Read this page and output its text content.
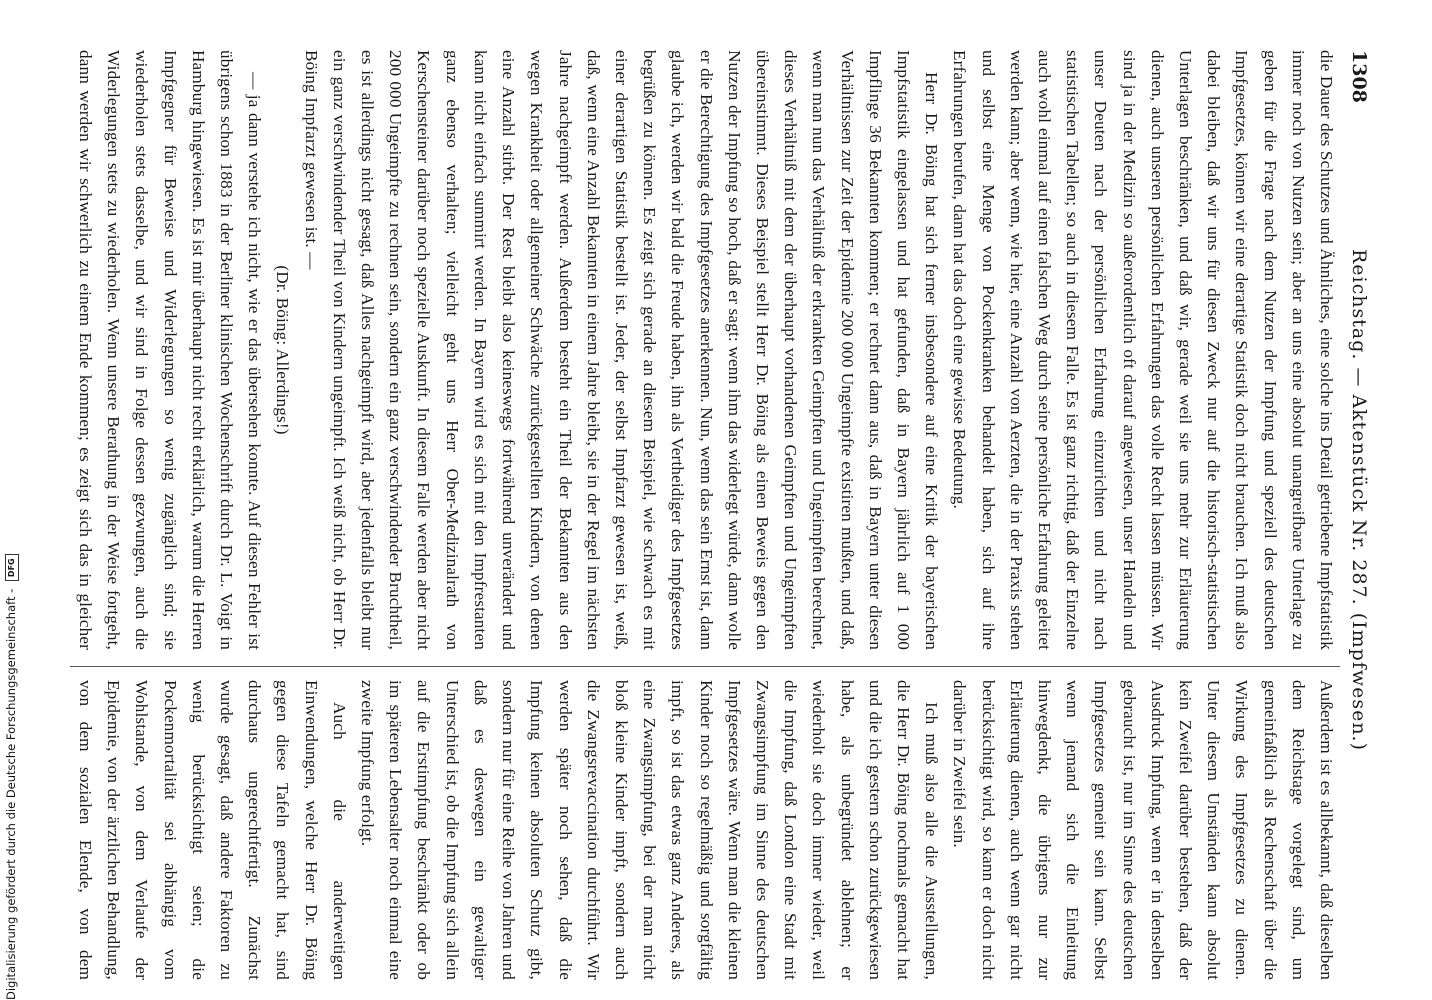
1308
Reichstag. — Aktenstück Nr. 287. (Impfwesen.)

die Dauer des Schutzes und Ähnliches, eine solche ins Detail getriebene Impfstatistik immer noch von Nutzen sein; aber an uns eine absolut unangreifbare Unterlage zu geben für die Frage nach dem Nutzen der Impfung und speziell des deutschen Impfgesetzes, können wir eine derartige Statistik doch nicht brauchen. Ich muß also dabei bleiben, daß wir uns für diesen Zweck nur auf die historisch-statistischen Unterlagen beschränken, und daß wir, gerade weil sie uns mehr zur Erläuterung dienen, auch unseren persönlichen Erfahrungen das volle Recht lassen müssen. Wir sind ja in der Medizin so außerordentlich oft darauf angewiesen, unser Handeln und unser Deuten nach der persönlichen Erfahrung einzurichten und nicht nach statistischen Tabellen; so auch in diesem Falle. Es ist ganz richtig, daß der Einzelne auch wohl einmal auf einen falschen Weg durch seine persönliche Erfahrung geleitet werden kann; aber wenn, wie hier, eine Anzahl von Aerzten, die in der Praxis stehen und selbst eine Menge von Pockenkranken behandelt haben, sich auf ihre Erfahrungen berufen, dann hat das doch eine gewisse Bedeutung.

Herr Dr. Böing hat sich ferner insbesondere auf eine Kritik der bayerischen Impfstatistik eingelassen und hat gefunden, daß in Bayern jährlich auf 1 000 Impflinge 36 Bekannten kommen; er rechnet dann aus, daß in Bayern unter diesen Verhältnissen zur Zeit der Epidemie 200 000 Ungeimpfte existiren mußten, und daß, wenn man nun das Verhältniß der erkrankten Geimpften und Ungeimpften berechnet, dieses Verhältniß mit dem der überhaupt vorhandenen Geimpften und Ungeimpften übereinstimmt. Dieses Beispiel stellt Herr Dr. Böing als einen Beweis gegen den Nutzen der Impfung so hoch, daß er sagt: wenn ihm das widerlegt würde, dann wolle er die Berechtigung des Impfgesetzes anerkennen. Nun, wenn das sein Ernst ist, dann glaube ich, werden wir bald die Freude haben, ihn als Vertheidiger des Impfgesetzes begrüßen zu können. Es zeigt sich gerade an diesem Beispiel, wie schwach es mit einer derartigen Statistik bestellt ist. Jeder, der selbst Impfarzt gewesen ist, weiß, daß, wenn eine Anzahl Bekannten in einem Jahre bleibt, sie in der Regel im nächsten Jahre nachgeimpft werden. Außerdem besteht ein Theil der Bekannten aus den wegen Krankheit oder allgemeiner Schwäche zurückgestellten Kindern, von denen eine Anzahl stirbt. Der Rest bleibt also keineswegs fortwährend unverändert und kann nicht einfach summirt werden. In Bayern wird es sich mit den Impfrestanten ganz ebenso verhalten; vielleicht geht uns Herr Ober-Medizinalrath von Kerschensteiner darüber noch spezielle Auskunft. In diesem Falle werden aber nicht 200 000 Ungeimpfte zu rechnen sein, sondern ein ganz verschwindender Bruchtheil, es ist allerdings nicht gesagt, daß Alles nachgeimpft wird, aber jedenfalls bleibt nur ein ganz verschwindender Theil von Kindern ungeimpft. Ich weiß nicht, ob Herr Dr. Böing Impfarzt gewesen ist. —

(Dr. Böing: Allerdings!)

— ja dann verstehe ich nicht, wie er das übersehen konnte. Auf diesen Fehler ist übrigens schon 1883 in der Berliner klinischen Wochenschrift durch Dr. L. Voigt in Hamburg hingewiesen. Es ist mir überhaupt nicht recht erklärlich, warum die Herren Impfgegner für Beweise und Widerlegungen so wenig zugänglich sind; sie wiederholen stets dasselbe, und wir sind in Folge dessen gezwungen, auch die Widerlegungen stets zu wiederholen. Wenn unsere Berathung in der Weise fortgeht, dann werden wir schwerlich zu einem Ende kommen; es zeigt sich das in gleicher

Außerdem ist es allbekannt, daß dieselben dem Reichstage vorgelegt sind, um gemeinfaßlich als Rechenschaft über die Wirkung des Impfgesetzes zu dienen. Unter diesem Umständen kann absolut kein Zweifel darüber bestehen, daß der Ausdruck Impfung, wenn er in denselben gebraucht ist, nur im Sinne des deutschen Impfgesetzes gemeint sein kann. Selbst wenn jemand sich die Einleitung hinwegdenkt, die übrigens nur zur Erläuterung dienen, auch wenn gar nicht berücksichtigt wird, so kann er doch nicht darüber in Zweifel sein.

Ich muß also alle die Ausstellungen, die Herr Dr. Böing nochmals gemacht hat und die ich gestern schon zurückgewiesen habe, als unbegründet ablehnen; er wiederholt sie doch immer wieder, weil die Impfung, daß London eine Stadt mit Zwangsimpfung im Sinne des deutschen Impfgesetzes wäre. Wenn man die kleinen Kinder noch so regelmäßig und sorgfältig impft, so ist das etwas ganz Anderes, als eine Zwangsimpfung, bei der man nicht bloß kleine Kinder impft, sondern auch die Zwangsrevaccination durchführt. Wir werden später noch sehen, daß die Impfung keinen absoluten Schutz gibt, sondern nur für eine Reihe von Jahren und daß es deswegen ein gewaltiger Unterschied ist, ob die Impfung sich allein auf die Erstimpfung beschränkt oder ob im späteren Lebensalter noch einmal eine zweite Impfung erfolgt.

Auch die anderweitigen Einwendungen, welche Herr Dr. Böing gegen diese Tafeln gemacht hat, sind durchaus ungerechtfertigt. Zunächst wurde gesagt, daß andere Faktoren zu wenig berücksichtigt seien; die Pockenmortalität sei abhängig vom Wohlstande, von dem Verlaufe der Epidemie, von der ärztlichen Behandlung, von dem sozialen Elende, von dem

Digitalisierung gefördert durch die Deutsche Forschungsgemeinschaft - DFG
